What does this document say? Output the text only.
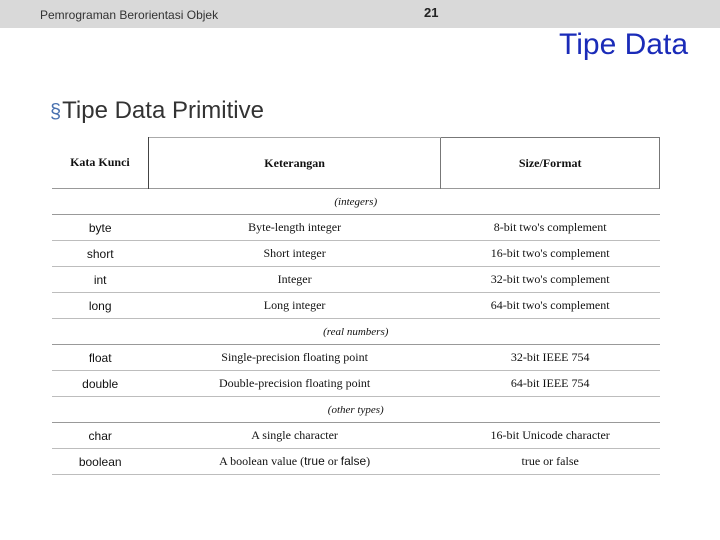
Pemrograman Berorientasi Objek	21
Tipe Data
§Tipe Data Primitive
Kata Kunci	Keterangan	Size/Format
(integers)		
byte	Byte-length integer	8-bit two's complement
short	Short integer	16-bit two's complement
int	Integer	32-bit two's complement
long	Long integer	64-bit two's complement
(real numbers)		
float	Single-precision floating point	32-bit IEEE 754
double	Double-precision floating point	64-bit IEEE 754
(other types)		
char	A single character	16-bit Unicode character
boolean	A boolean value (true or false)	true or false
